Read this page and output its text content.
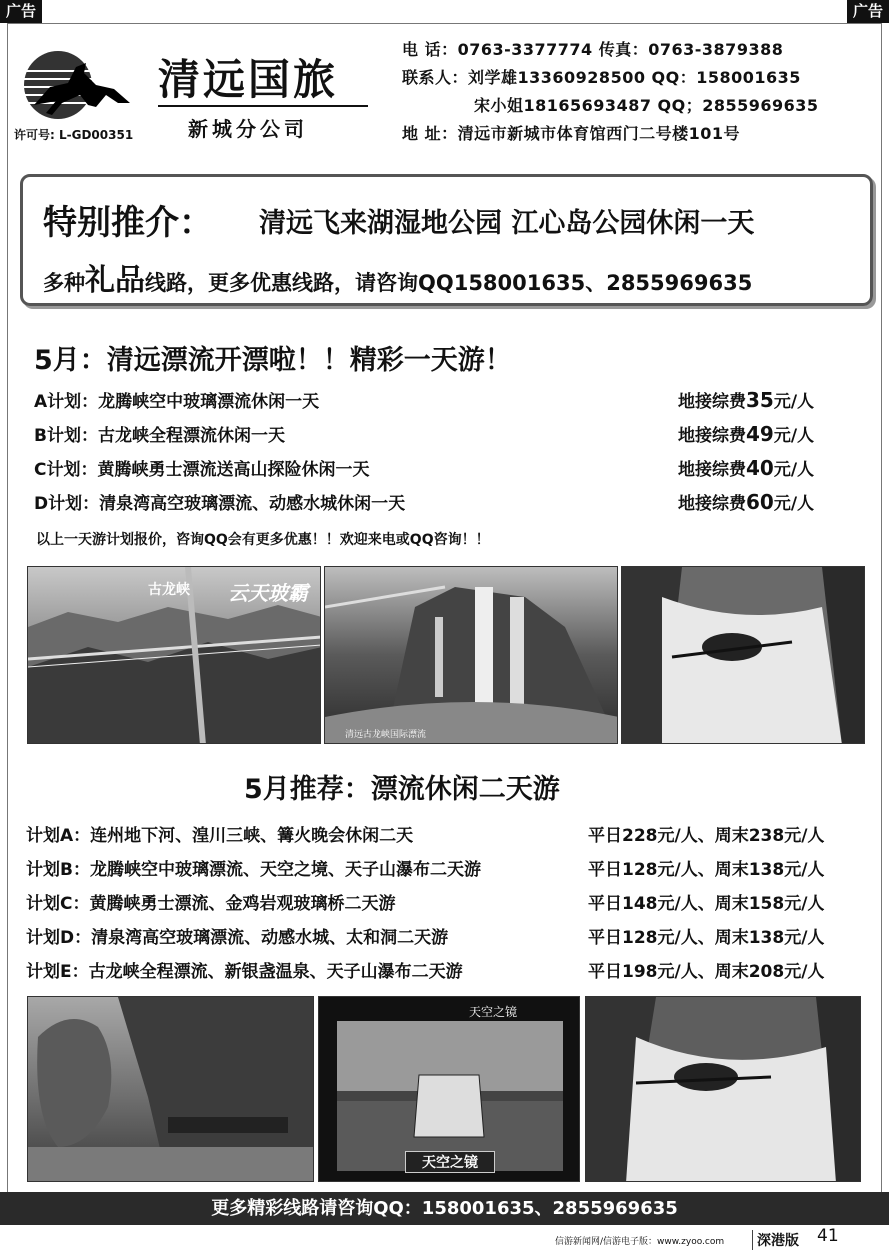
广告	广告
许可号: L-GD00351
清远国旅
新城分公司
电 话：0763-3377774 传真：0763-3879388
联系人：刘学雄13360928500 QQ：158001635
宋小姐18165693487 QQ；2855969635
地 址：清远市新城市体育馆西门二号楼101号
特别推介： 清远飞来湖湿地公园 江心岛公园休闲一天
多种礼品线路，更多优惠线路，请咨询QQ158001635、2855969635
5月：清远漂流开漂啦！！精彩一天游！
A计划：龙腾峡空中玻璃漂流休闲一天	地接综费35元/人
B计划：古龙峡全程漂流休闲一天	地接综费49元/人
C计划：黄腾峡勇士漂流送高山探险休闲一天	地接综费40元/人
D计划：清泉湾高空玻璃漂流、动感水城休闲一天	地接综费60元/人
以上一天游计划报价，咨询QQ会有更多优惠！！欢迎来电或QQ咨询！！
古龙峡 云天玻霸
清远古龙峡国际漂流
5月推荐：漂流休闲二天游
计划A：连州地下河、湟川三峡、篝火晚会休闲二天	平日228元/人、周末238元/人
计划B：龙腾峡空中玻璃漂流、天空之境、天子山瀑布二天游	平日128元/人、周末138元/人
计划C：黄腾峡勇士漂流、金鸡岩观玻璃桥二天游	平日148元/人、周末158元/人
计划D：清泉湾高空玻璃漂流、动感水城、太和洞二天游	平日128元/人、周末138元/人
计划E：古龙峡全程漂流、新银盏温泉、天子山瀑布二天游	平日198元/人、周末208元/人
天空之镜
天空之镜
更多精彩线路请咨询QQ：158001635、2855969635
信游新闻网/信游电子版：www.zyoo.com	深港版 41
